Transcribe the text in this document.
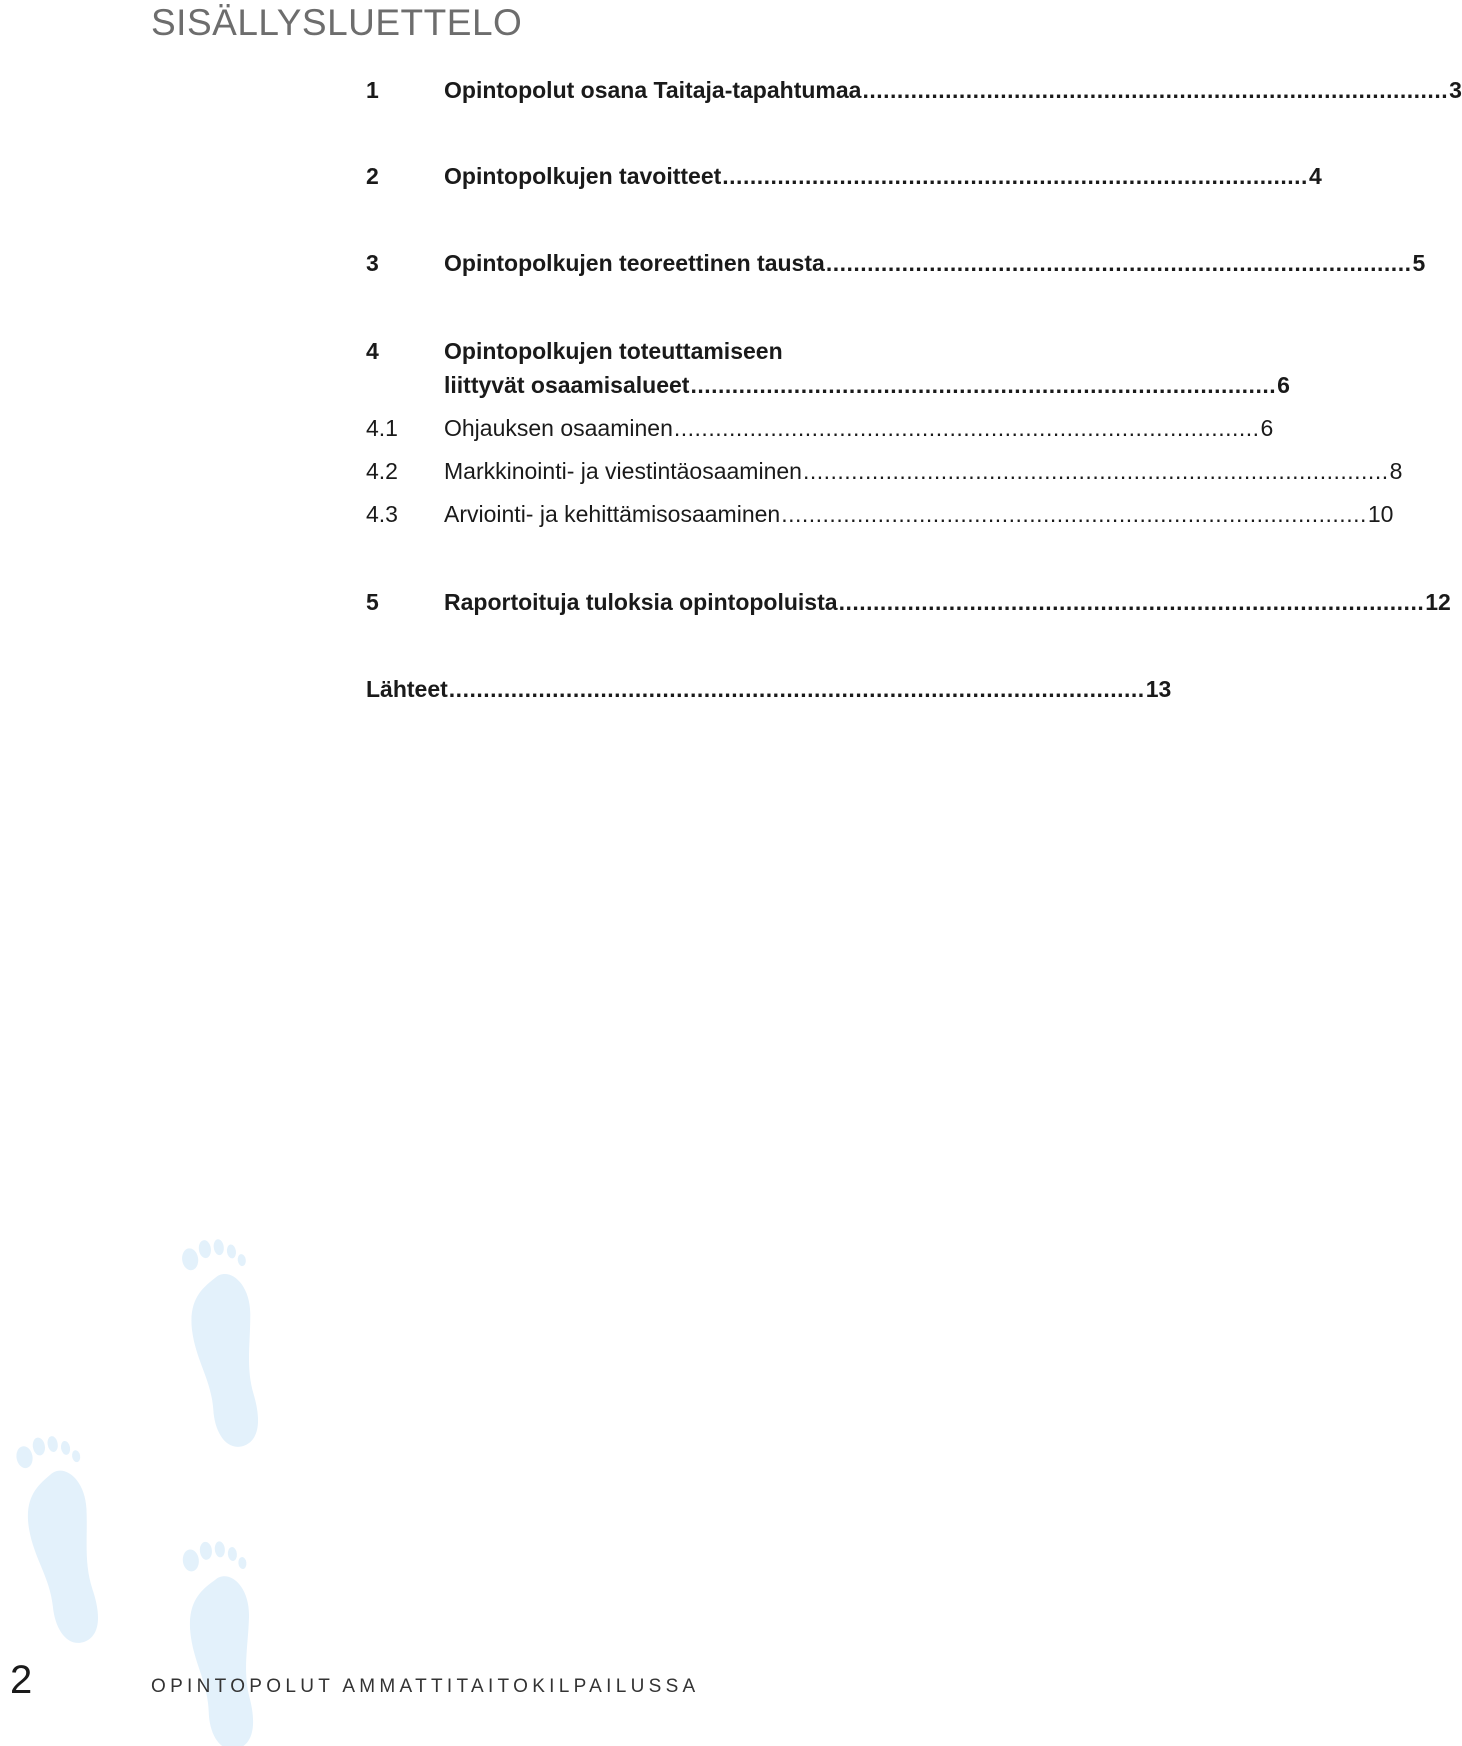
SISÄLLYSLUETTELO
1	Opintopolut osana Taitaja-tapahtumaa ..................................................................................... 3
2	Opintopolkujen tavoitteet ..................................................................................... 4
3	Opintopolkujen teoreettinen tausta ..................................................................................... 5
4	Opintopolkujen toteuttamiseen
liittyvät osaamisalueet ..................................................................................... 6
4.1	Ohjauksen osaaminen ..................................................................................... 6
4.2	Markkinointi- ja viestintäosaaminen ..................................................................................... 8
4.3	Arviointi- ja kehittämisosaaminen ..................................................................................... 10
5	Raportoituja tuloksia opintopoluista ..................................................................................... 12
Lähteet ..................................................................................................... 13
2	OPINTOPOLUT AMMATTITAITOKILPAILUSSA
